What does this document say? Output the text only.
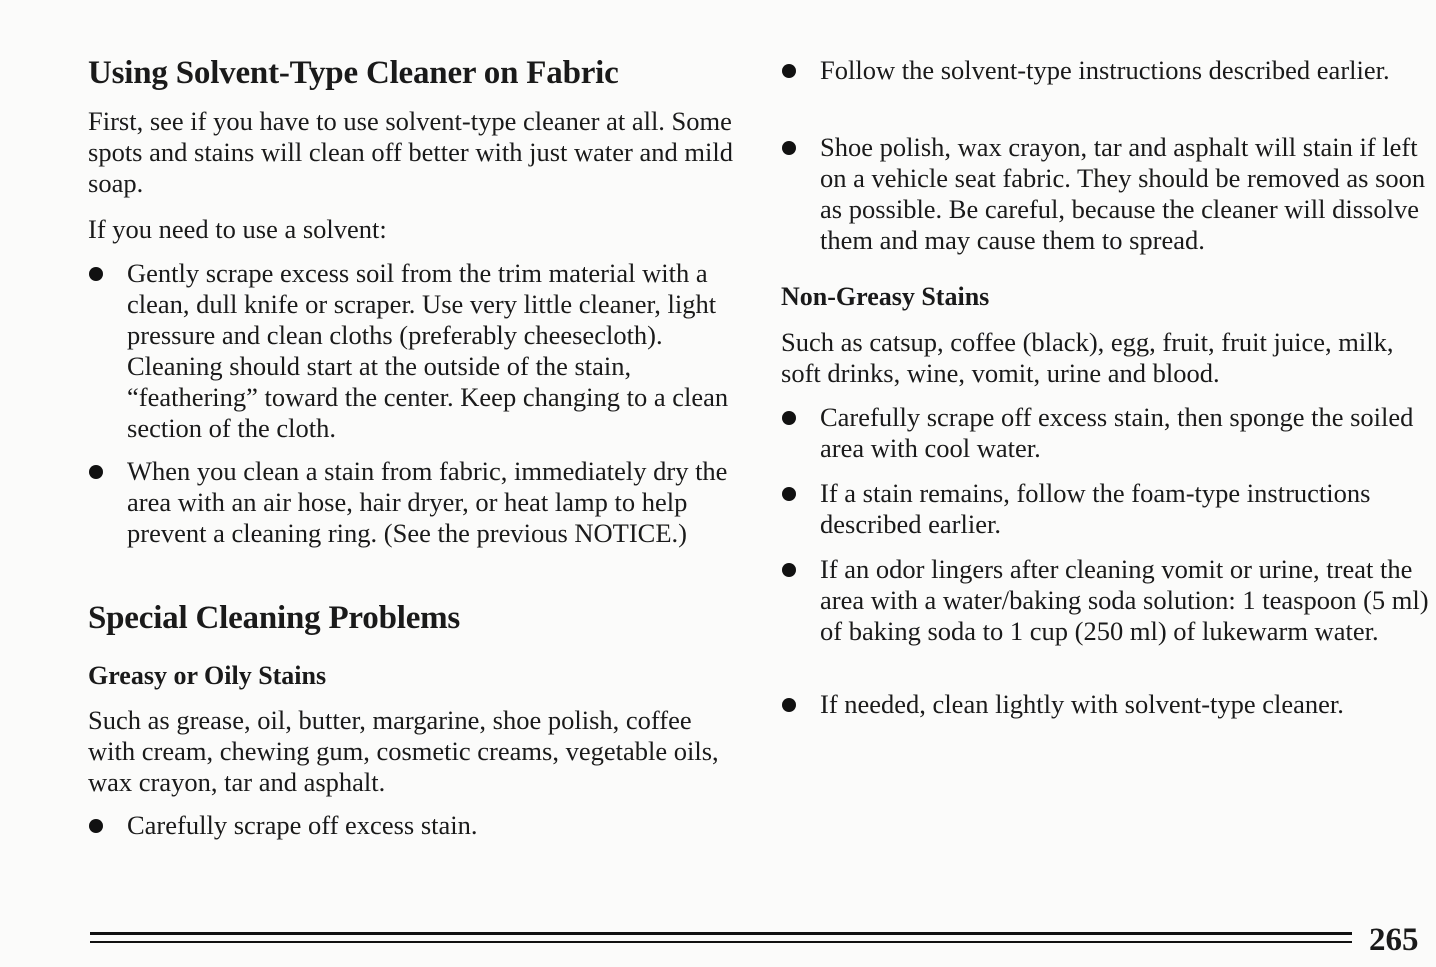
Using Solvent-Type Cleaner on Fabric
First, see if you have to use solvent-type cleaner at all. Some spots and stains will clean off better with just water and mild soap.
If you need to use a solvent:
Gently scrape excess soil from the trim material with a clean, dull knife or scraper. Use very little cleaner, light pressure and clean cloths (preferably cheesecloth). Cleaning should start at the outside of the stain, “feathering” toward the center. Keep changing to a clean section of the cloth.
When you clean a stain from fabric, immediately dry the area with an air hose, hair dryer, or heat lamp to help prevent a cleaning ring. (See the previous NOTICE.)
Special Cleaning Problems
Greasy or Oily Stains
Such as grease, oil, butter, margarine, shoe polish, coffee with cream, chewing gum, cosmetic creams, vegetable oils, wax crayon, tar and asphalt.
Carefully scrape off excess stain.
Follow the solvent-type instructions described earlier.
Shoe polish, wax crayon, tar and asphalt will stain if left on a vehicle seat fabric. They should be removed as soon as possible. Be careful, because the cleaner will dissolve them and may cause them to spread.
Non-Greasy Stains
Such as catsup, coffee (black), egg, fruit, fruit juice, milk, soft drinks, wine, vomit, urine and blood.
Carefully scrape off excess stain, then sponge the soiled area with cool water.
If a stain remains, follow the foam-type instructions described earlier.
If an odor lingers after cleaning vomit or urine, treat the area with a water/baking soda solution: 1 teaspoon (5 ml) of baking soda to 1 cup (250 ml) of lukewarm water.
If needed, clean lightly with solvent-type cleaner.
265
